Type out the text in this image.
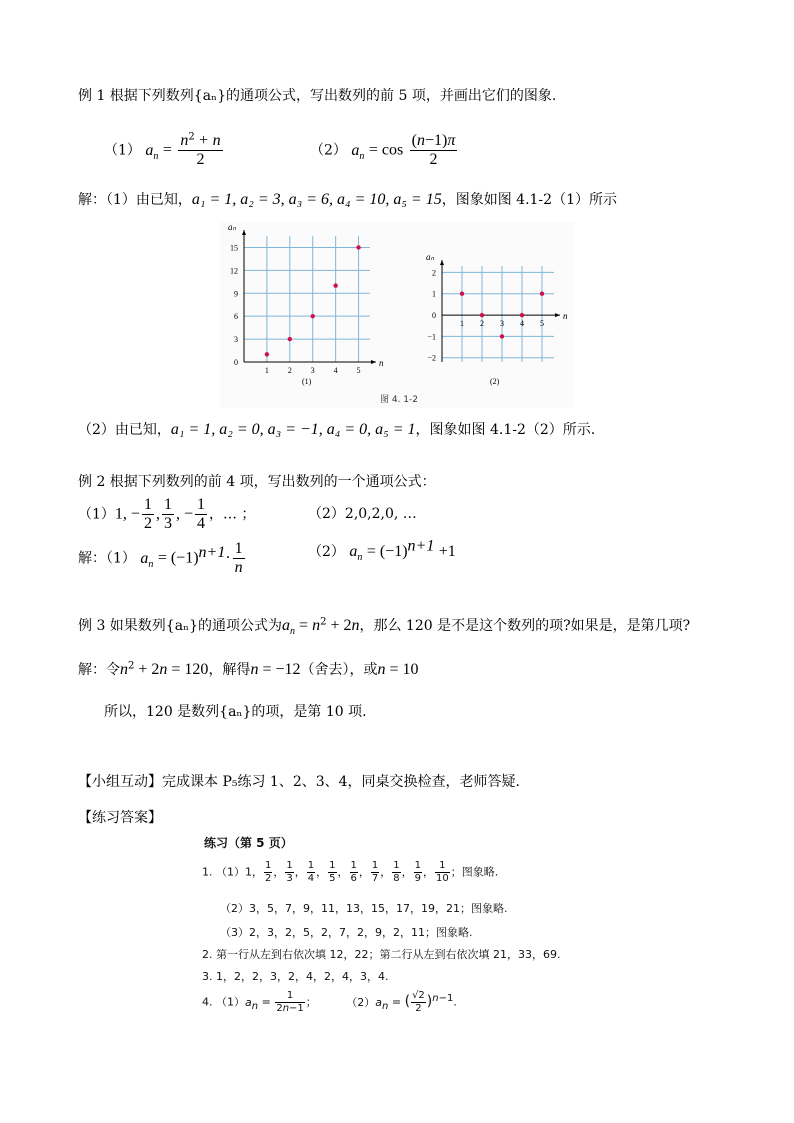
例 1 根据下列数列{aₙ}的通项公式，写出数列的前 5 项，并画出它们的图象.
（1） $a_n = \frac{n^2 + n}{2}$	（2） $a_n = \cos \frac{(n-1)\pi}{2}$
解：（1）由已知，a₁ = 1, a₂ = 3, a₃ = 6, a₄ = 10, a₅ = 15，图象如图 4.1-2（1）所示
n
aₙ
1 2 3 4 5
0
3
6
9
12
15
(1)
n
aₙ
1 2 3 4 5
−2
−1
0
1
2
(2)
图 4. 1-2
（2）由已知，a₁ = 1, a₂ = 0, a₃ = −1, a₄ = 0, a₅ = 1，图象如图 4.1-2（2）所示.
例 2 根据下列数列的前 4 项，写出数列的一个通项公式：
（1）1, − $\frac{1}{2}$ , $\frac{1}{3}$ , − $\frac{1}{4}$ ，… ；	（2）2,0,2,0, …
解：（1） $a_n = (-1)^{n+1}\cdot \frac{1}{n}$	（2） $a_n = (-1)^{n+1} +1$
例 3 如果数列{aₙ}的通项公式为$a_n = n^2 + 2n$，那么 120 是不是这个数列的项?如果是，是第几项?
解：令$n^2 + 2n = 120$，解得n = −12（舍去），或n = 10
所以，120 是数列{aₙ}的项，是第 10 项.
【小组互动】完成课本 P₅练习 1、2、3、4，同桌交换检查，老师答疑.
【练习答案】
练习（第 5 页）
1. （1）1， $\frac{1}{2}$ ， $\frac{1}{3}$ ， $\frac{1}{4}$ ， $\frac{1}{5}$ ， $\frac{1}{6}$ ， $\frac{1}{7}$ ， $\frac{1}{8}$ ， $\frac{1}{9}$ ， $\frac{1}{10}$ ；图象略.
（2）3，5，7，9，11，13，15，17，19，21；图象略.
（3）2，3，2，5，2，7，2，9，2，11；图象略.
2. 第一行从左到右依次填 12，22；第二行从左到右依次填 21，33，69.
3. 1，2，2，3，2，4，2，4，3，4.
4. $(1)a_n = \frac{1}{2n-1}$ ； $(2)a_n$ = ( $\frac{√2}{2} )^{n-1}$.
